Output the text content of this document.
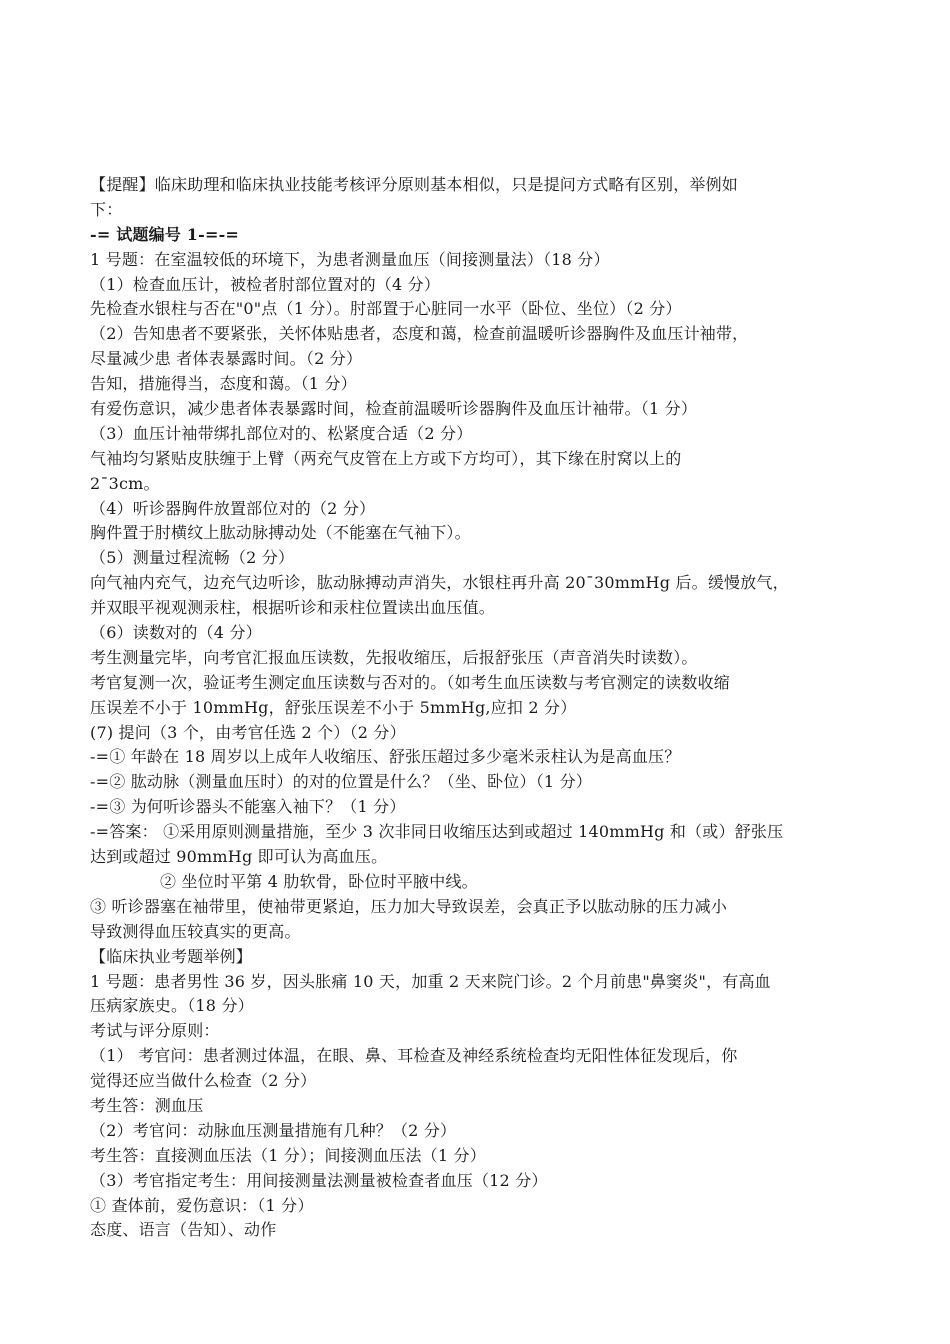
【提醒】临床助理和临床执业技能考核评分原则基本相似，只是提问方式略有区别，举例如
下：
-= 试题编号 1-=-=
1 号题：在室温较低的环境下，为患者测量血压（间接测量法）（18 分）
（1）检查血压计，被检者肘部位置对的（4 分）
先检查水银柱与否在"0"点（1 分）。肘部置于心脏同一水平（卧位、坐位）（2 分）
（2）告知患者不要紧张，关怀体贴患者，态度和蔼，检查前温暖听诊器胸件及血压计袖带，
尽量减少患 者体表暴露时间。（2 分）
告知，措施得当，态度和蔼。（1 分）
有爱伤意识，减少患者体表暴露时间，检查前温暖听诊器胸件及血压计袖带。（1 分）
（3）血压计袖带绑扎部位对的、松紧度合适（2 分）
气袖均匀紧贴皮肤缠于上臂（两充气皮管在上方或下方均可），其下缘在肘窝以上的
2¯3cm。
（4）听诊器胸件放置部位对的（2 分）
胸件置于肘横纹上肱动脉搏动处（不能塞在气袖下）。
（5）测量过程流畅（2 分）
向气袖内充气，边充气边听诊，肱动脉搏动声消失，水银柱再升高 20¯30mmHg 后。缓慢放气，
并双眼平视观测汞柱，根据听诊和汞柱位置读出血压值。
（6）读数对的（4 分）
考生测量完毕，向考官汇报血压读数，先报收缩压，后报舒张压（声音消失时读数）。
考官复测一次，验证考生测定血压读数与否对的。（如考生血压读数与考官测定的读数收缩
压误差不小于 10mmHg，舒张压误差不小于 5mmHg,应扣 2 分）
(7) 提问（3 个，由考官任选 2 个）（2 分）
-=① 年龄在 18 周岁以上成年人收缩压、舒张压超过多少毫米汞柱认为是高血压？
-=② 肱动脉（测量血压时）的对的位置是什么？（坐、卧位）（1 分）
-=③ 为何听诊器头不能塞入袖下？（1 分）
-=答案： ①采用原则测量措施，至少 3 次非同日收缩压达到或超过 140mmHg 和（或）舒张压
达到或超过 90mmHg 即可认为高血压。
② 坐位时平第 4 肋软骨，卧位时平腋中线。
③ 听诊器塞在袖带里，使袖带更紧迫，压力加大导致误差，会真正予以肱动脉的压力减小
导致测得血压较真实的更高。
【临床执业考题举例】
1 号题：患者男性 36 岁，因头胀痛 10 天，加重 2 天来院门诊。2 个月前患"鼻窦炎"，有高血
压病家族史。（18 分）
考试与评分原则：
（1） 考官问：患者测过体温，在眼、鼻、耳检查及神经系统检查均无阳性体征发现后，你
觉得还应当做什么检查（2 分）
考生答：测血压
（2）考官问：动脉血压测量措施有几种？（2 分）
考生答：直接测血压法（1 分）；间接测血压法（1 分）
（3）考官指定考生：用间接测量法测量被检查者血压（12 分）
① 查体前，爱伤意识：（1 分）
态度、语言（告知）、动作
